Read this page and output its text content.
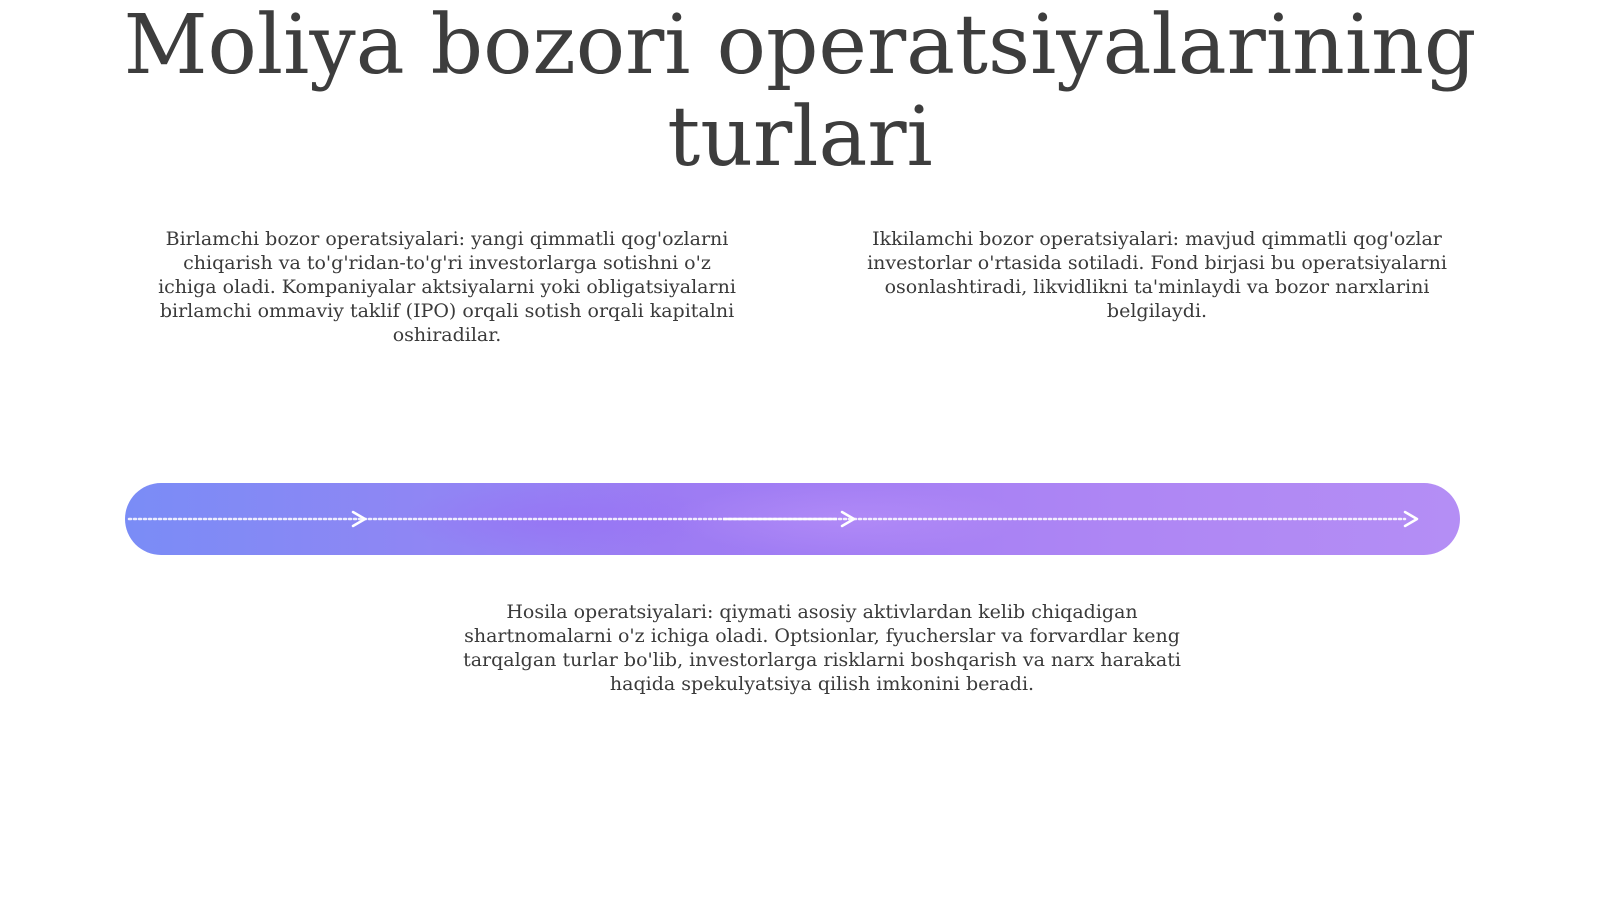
Moliya bozori operatsiyalarining turlari

Birlamchi bozor operatsiyalari: yangi qimmatli qog'ozlarni chiqarish va to'g'ridan-to'g'ri investorlarga sotishni o'z ichiga oladi. Kompaniyalar aktsiyalarni yoki obligatsiyalarni birlamchi ommaviy taklif (IPO) orqali sotish orqali kapitalni oshiradilar.

Ikkilamchi bozor operatsiyalari: mavjud qimmatli qog'ozlar investorlar o'rtasida sotiladi. Fond birjasi bu operatsiyalarni osonlashtiradi, likvidlikni ta'minlaydi va bozor narxlarini belgilaydi.

Hosila operatsiyalari: qiymati asosiy aktivlardan kelib chiqadigan shartnomalarni o'z ichiga oladi. Optsionlar, fyucherslar va forvardlar keng tarqalgan turlar bo'lib, investorlarga risklarni boshqarish va narx harakati haqida spekulyatsiya qilish imkonini beradi.
